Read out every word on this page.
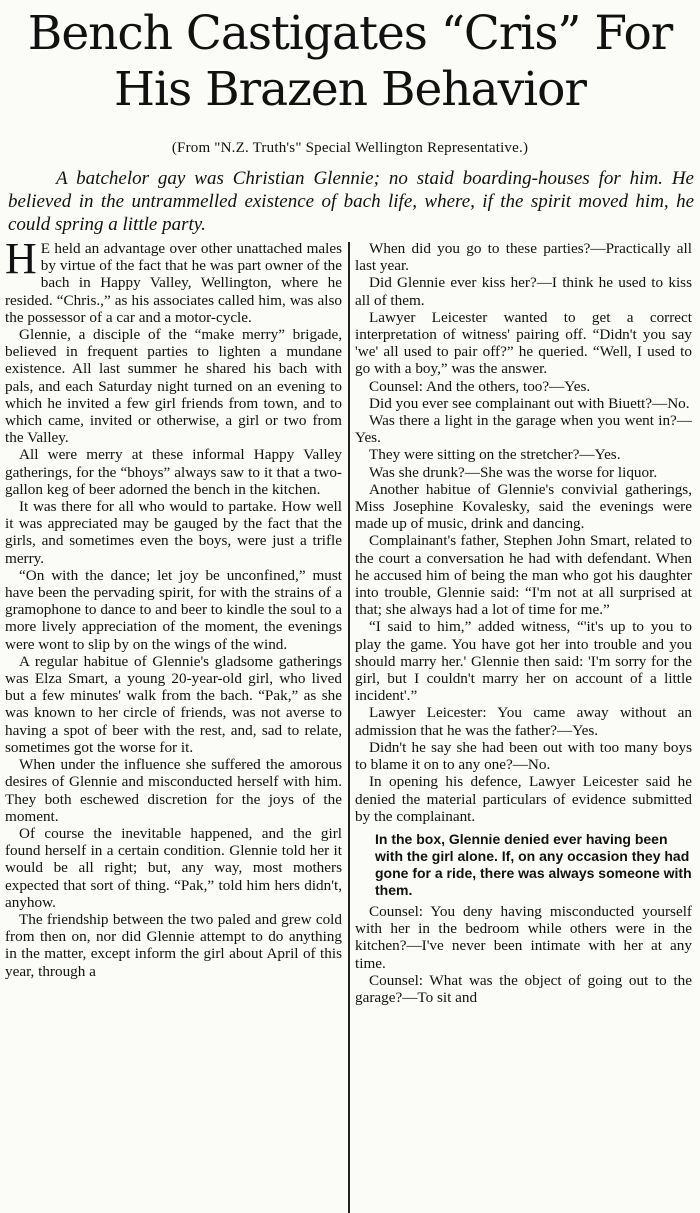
Bench Castigates “Cris” For His Brazen Behavior
(From "N.Z. Truth's" Special Wellington Representative.)
A batchelor gay was Christian Glennie; no staid boarding-houses for him. He believed in the untrammelled existence of bach life, where, if the spirit moved him, he could spring a little party.

H E held an advantage over other unattached males by virtue of the fact that he was part owner of the bach in Happy Valley, Wellington, where he resided. “Chris.,” as his associates called him, was also the possessor of a car and a motor-cycle.

Glennie, a disciple of the “make merry” brigade, believed in frequent parties to lighten a mundane existence. All last summer he shared his bach with pals, and each Saturday night turned on an evening to which he invited a few girl friends from town, and to which came, invited or otherwise, a girl or two from the Valley.

All were merry at these informal Happy Valley gatherings, for the “bhoys” always saw to it that a two-gallon keg of beer adorned the bench in the kitchen.

It was there for all who would to partake. How well it was appreciated may be gauged by the fact that the girls, and sometimes even the boys, were just a trifle merry.

“On with the dance; let joy be unconfined,” must have been the pervading spirit, for with the strains of a gramophone to dance to and beer to kindle the soul to a more lively appreciation of the moment, the evenings were wont to slip by on the wings of the wind.

A regular habitue of Glennie's gladsome gatherings was Elza Smart, a young 20-year-old girl, who lived but a few minutes' walk from the bach. “Pak,” as she was known to her circle of friends, was not averse to having a spot of beer with the rest, and, sad to relate, sometimes got the worse for it.

When under the influence she suffered the amorous desires of Glennie and misconducted herself with him. They both eschewed discretion for the joys of the moment.

Of course the inevitable happened, and the girl found herself in a certain condition. Glennie told her it would be all right; but, any way, most mothers expected that sort of thing. “Pak,” told him hers didn't, anyhow.

The friendship between the two paled and grew cold from then on, nor did Glennie attempt to do anything in the matter, except inform the girl about April of this year, through a

When did you go to these parties?—Practically all last year.

Did Glennie ever kiss her?—I think he used to kiss all of them.

Lawyer Leicester wanted to get a correct interpretation of witness' pairing off. “Didn't you say 'we' all used to pair off?” he queried. “Well, I used to go with a boy,” was the answer.

Counsel: And the others, too?—Yes.

Did you ever see complainant out with Biuett?—No.

Was there a light in the garage when you went in?—Yes.

They were sitting on the stretcher?—Yes.

Was she drunk?—She was the worse for liquor.

Another habitue of Glennie's convivial gatherings, Miss Josephine Kovalesky, said the evenings were made up of music, drink and dancing.

Complainant's father, Stephen John Smart, related to the court a conversation he had with defendant. When he accused him of being the man who got his daughter into trouble, Glennie said: “I'm not at all surprised at that; she always had a lot of time for me.”

“I said to him,” added witness, “'it's up to you to play the game. You have got her into trouble and you should marry her.' Glennie then said: 'I'm sorry for the girl, but I couldn't marry her on account of a little incident'.”

Lawyer Leicester: You came away without an admission that he was the father?—Yes.

Didn't he say she had been out with too many boys to blame it on to any one?—No.

In opening his defence, Lawyer Leicester said he denied the material particulars of evidence submitted by the complainant.

In the box, Glennie denied ever having been with the girl alone. If, on any occasion they had gone for a ride, there was always someone with them.

Counsel: You deny having misconducted yourself with her in the bedroom while others were in the kitchen?—I've never been intimate with her at any time.

Counsel: What was the object of going out to the garage?—To sit and
